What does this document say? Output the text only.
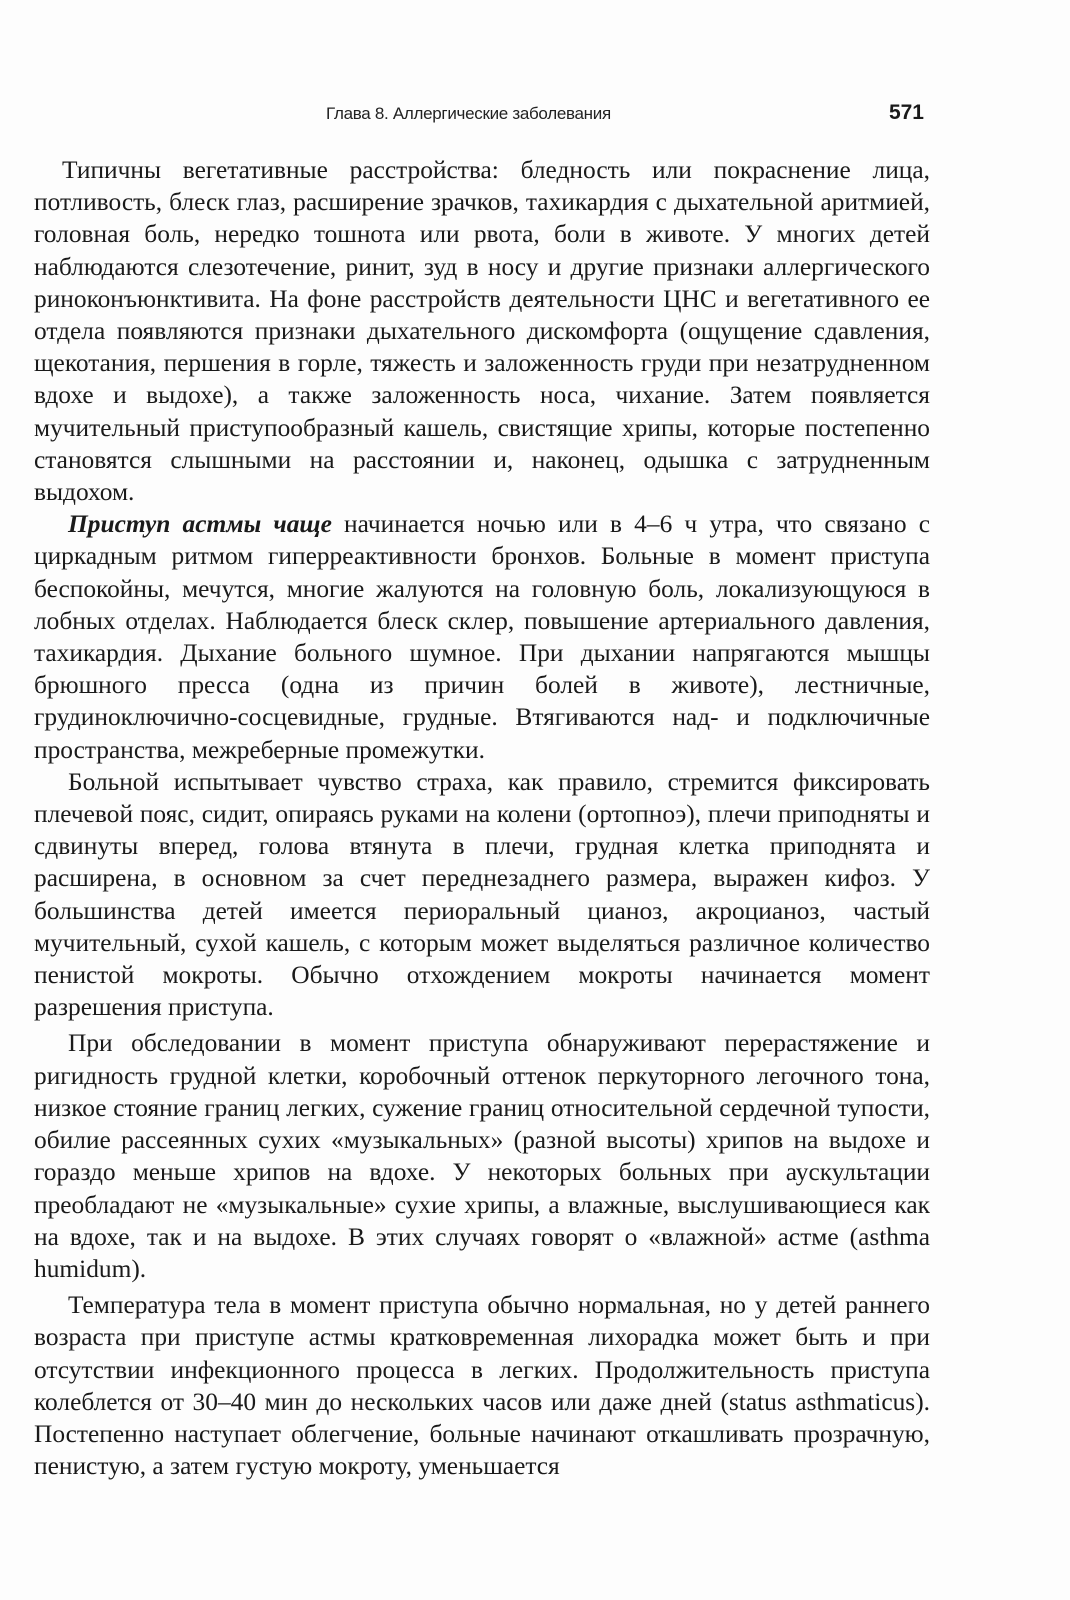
Глава 8. Аллергические заболевания	571

Типичны вегетативные расстройства: бледность или покраснение лица, потливость, блеск глаз, расширение зрачков, тахикардия с дыхательной аритмией, головная боль, нередко тошнота или рвота, боли в животе. У многих детей наблюдаются слезотечение, ринит, зуд в носу и другие признаки аллергического риноконъюнктивита. На фоне расстройств деятельности ЦНС и вегетативного ее отдела появляются признаки дыхательного дискомфорта (ощущение сдавления, щекотания, першения в горле, тяжесть и заложенность груди при незатрудненном вдохе и выдохе), а также заложенность носа, чихание. Затем появляется мучительный приступообразный кашель, свистящие хрипы, которые постепенно становятся слышными на расстоянии и, наконец, одышка с затрудненным выдохом.

Приступ астмы чаще начинается ночью или в 4–6 ч утра, что связано с циркадным ритмом гиперреактивности бронхов. Больные в момент приступа беспокойны, мечутся, многие жалуются на головную боль, локализующуюся в лобных отделах. Наблюдается блеск склер, повышение артериального давления, тахикардия. Дыхание больного шумное. При дыхании напрягаются мышцы брюшного пресса (одна из причин болей в животе), лестничные, грудиноключично-сосцевидные, грудные. Втягиваются над- и подключичные пространства, межреберные промежутки.

Больной испытывает чувство страха, как правило, стремится фиксировать плечевой пояс, сидит, опираясь руками на колени (ортопноэ), плечи приподняты и сдвинуты вперед, голова втянута в плечи, грудная клетка приподнята и расширена, в основном за счет переднезаднего размера, выражен кифоз. У большинства детей имеется периоральный цианоз, акроцианоз, частый мучительный, сухой кашель, с которым может выделяться различное количество пенистой мокроты. Обычно отхождением мокроты начинается момент разрешения приступа.

При обследовании в момент приступа обнаруживают перерастяжение и ригидность грудной клетки, коробочный оттенок перкуторного легочного тона, низкое стояние границ легких, сужение границ относительной сердечной тупости, обилие рассеянных сухих «музыкальных» (разной высоты) хрипов на выдохе и гораздо меньше хрипов на вдохе. У некоторых больных при аускультации преобладают не «музыкальные» сухие хрипы, а влажные, выслушивающиеся как на вдохе, так и на выдохе. В этих случаях говорят о «влажной» астме (asthma humidum).

Температура тела в момент приступа обычно нормальная, но у детей раннего возраста при приступе астмы кратковременная лихорадка может быть и при отсутствии инфекционного процесса в легких. Продолжительность приступа колеблется от 30–40 мин до нескольких часов или даже дней (status asthmaticus). Постепенно наступает облегчение, больные начинают откашливать прозрачную, пенистую, а затем густую мокроту, уменьшается
